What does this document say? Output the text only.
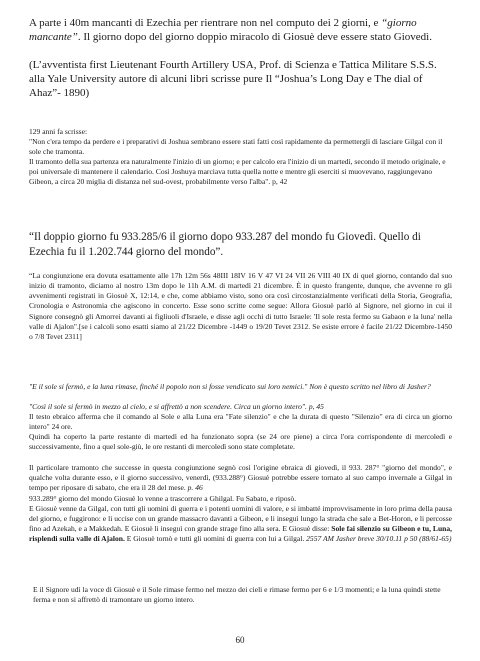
A parte i 40m mancanti di Ezechia per rientrare non nel computo dei 2 giorni, e “giorno mancante”. Il giorno dopo del giorno doppio miracolo di Giosuè deve essere stato Giovedì.

(L’avventista first Lieutenant Fourth Artillery USA, Prof. di Scienza e Tattica Militare S.S.S. alla Yale University autore di alcuni libri scrisse pure Il “Joshua’s Long Day e The dial of Ahaz”- 1890)

129 anni fa scrisse:

"Non c'era tempo da perdere e i preparativi di Joshua sembrano essere stati fatti così rapidamente da permettergli di lasciare Gilgal con il sole che tramonta.

Il tramonto della sua partenza era naturalmente l'inizio di un giorno; e per calcolo era l'inizio di un martedì, secondo il metodo originale, e poi universale di mantenere il calendario. Così Joshuya marciava tutta quella notte e mentre gli eserciti si muovevano, raggiungevano Gibeon, a circa 20 miglia di distanza nel sud-ovest, probabilmente verso l'alba". p, 42

“Il doppio giorno fu 933.285/6 il giorno dopo 933.287 del mondo fu Giovedì. Quello di Ezechia fu il 1.202.744 giorno del mondo”.

“La congiunzione era dovuta esattamente alle 17h 12m 56s 48III 18IV 16 V 47 VI 24 VII 26 VIII 40 IX di quel giorno, contando dal suo inizio di tramonto, diciamo al nostro 13m dopo le 11h A.M. di martedì 21 dicembre. È in questo frangente, dunque, che avvenne ro gli avvenimenti registrati in Giosuè X, 12:14, e che, come abbiamo visto, sono ora così circostanzialmente verificati della Storia, Geografia, Cronologia e Astronomia che agiscono in concerto. Esse sono scritte come segue: Allora Giosuè parlò al Signore, nel giorno in cui il Signore consegnò gli Amorrei davanti ai figliuoli d'Israele, e disse agli occhi di tutto Israele: 'Il sole resta fermo su Gabaon e la luna' nella valle di Ajalon".[se i calcoli sono esatti siamo al 21/22 Dicembre -1449 o 19/20 Tevet 2312. Se esiste errore è facile 21/22 Dicembre-1450 o 7/8 Tevet 2311]

"E il sole si fermò, e la luna rimase, finché il popolo non si fosse vendicato sui loro nemici." Non è questo scritto nel libro di Jasher?

"Così il sole si fermò in mezzo al cielo, e si affrettò a non scendere. Circa un giorno intero". p, 45

Il testo ebraico afferma che il comando al Sole e alla Luna era "Fate silenzio" e che la durata di questo "Silenzio" era di circa un giorno intero" 24 ore.

Quindi ha coperto la parte restante di martedì ed ha funzionato sopra (se 24 ore piene) a circa l'ora corrispondente di mercoledì e successivamente, fino a quel sole-giù, le ore restanti di mercoledì sono state completate.

Il particolare tramonto che successe in questa congiunzione segnò così l'origine ebraica di giovedì, il 933. 287° "giorno del mondo", e qualche volta durante esso, e il giorno successivo, venerdì, (933.288°) Giosuè potrebbe essere tornato al suo campo invernale a Gilgal in tempo per riposare di sabato, che era il 28 del mese. p. 46

933.289° giorno del mondo Giosuè lo venne a trascorrere a Ghilgal. Fu Sabato, e riposò.

E Giosuè venne da Gilgal, con tutti gli uomini di guerra e i potenti uomini di valore, e si imbatté improvvisamente in loro prima della pausa del giorno, e fuggirono: e li uccise con un grande massacro davanti a Gibeon, e li inseguì lungo la strada che sale a Bet-Horon, e li percosse fino ad Azekah, e a Makkedah. E Giosuè li inseguì con grande strage fino alla sera. E Giosuè disse: Sole fai silenzio su Gibeon e tu, Luna, risplendi sulla valle di Ajalon. E Giosuè tornò e tutti gli uomini di guerra con lui a Gilgal. 2557 AM Jasher breve 30/10.11 p 50 (88/61-65)

E il Signore udì la voce di Giosuè e il Sole rimase fermo nel mezzo dei cieli e rimase fermo per 6 e 1/3 momenti; e la luna quindi stette ferma e non si affrettò di tramontare un giorno intero.

60
